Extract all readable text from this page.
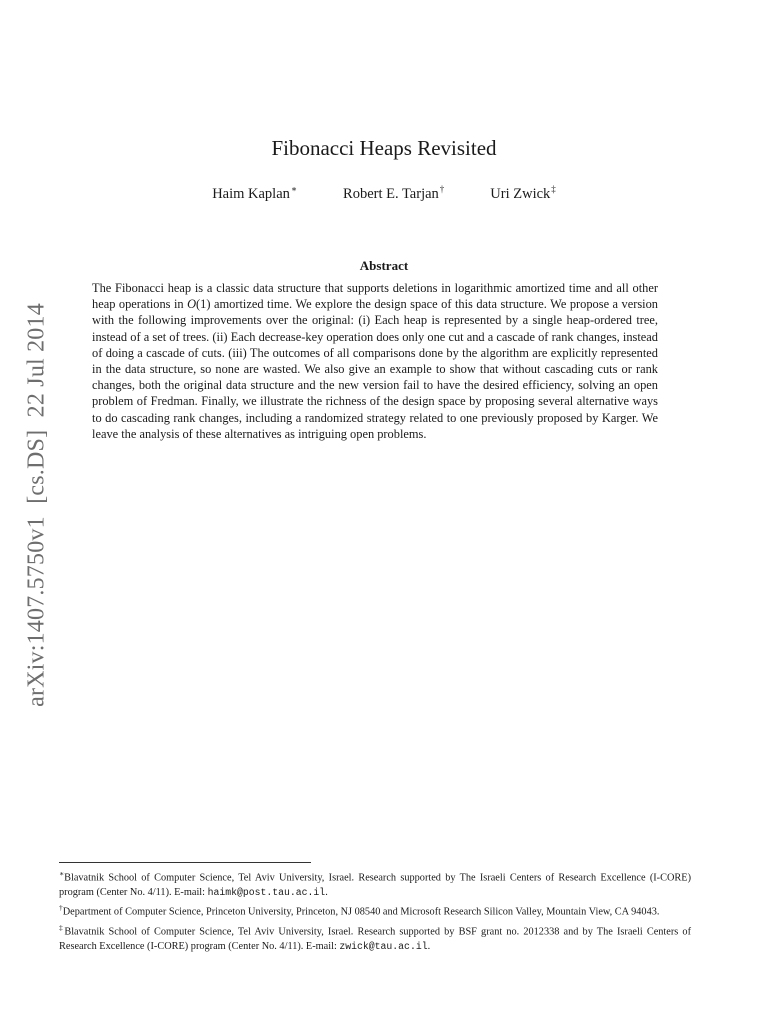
arXiv:1407.5750v1  [cs.DS]  22 Jul 2014
Fibonacci Heaps Revisited
Haim Kaplan∗	Robert E. Tarjan†	Uri Zwick‡
Abstract
The Fibonacci heap is a classic data structure that supports deletions in logarithmic amortized time and all other heap operations in O(1) amortized time. We explore the design space of this data structure. We propose a version with the following improvements over the original: (i) Each heap is represented by a single heap-ordered tree, instead of a set of trees. (ii) Each decrease-key operation does only one cut and a cascade of rank changes, instead of doing a cascade of cuts. (iii) The outcomes of all comparisons done by the algorithm are explicitly represented in the data structure, so none are wasted. We also give an example to show that without cascading cuts or rank changes, both the original data structure and the new version fail to have the desired efficiency, solving an open problem of Fredman. Finally, we illustrate the richness of the design space by proposing several alternative ways to do cascading rank changes, including a randomized strategy related to one previously proposed by Karger. We leave the analysis of these alternatives as intriguing open problems.

∗Blavatnik School of Computer Science, Tel Aviv University, Israel. Research supported by The Israeli Centers of Research Excellence (I-CORE) program (Center No. 4/11). E-mail: haimk@post.tau.ac.il.

†Department of Computer Science, Princeton University, Princeton, NJ 08540 and Microsoft Research Silicon Valley, Mountain View, CA 94043.

‡Blavatnik School of Computer Science, Tel Aviv University, Israel. Research supported by BSF grant no. 2012338 and by The Israeli Centers of Research Excellence (I-CORE) program (Center No. 4/11). E-mail: zwick@tau.ac.il.
